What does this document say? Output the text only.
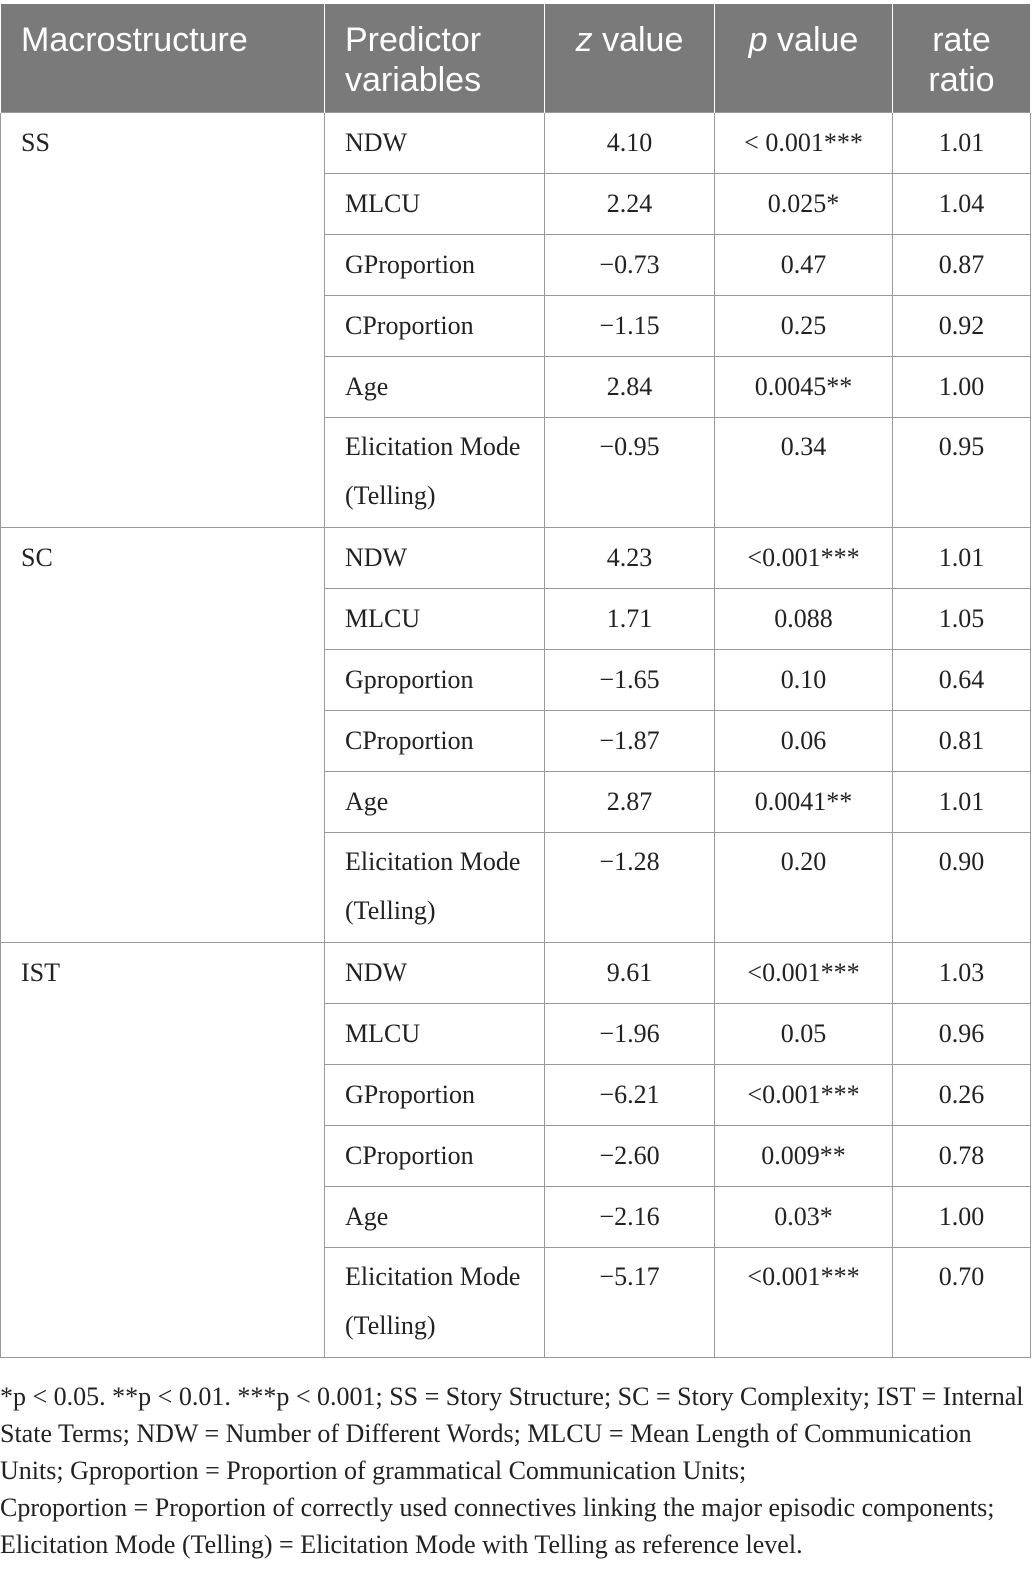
Macrostructure	Predictor variables	z value	p value	rate ratio
SS	NDW	4.10	< 0.001***	1.01
	MLCU	2.24	0.025*	1.04
	GProportion	−0.73	0.47	0.87
	CProportion	−1.15	0.25	0.92
	Age	2.84	0.0045**	1.00
	Elicitation Mode (Telling)	−0.95	0.34	0.95
SC	NDW	4.23	<0.001***	1.01
	MLCU	1.71	0.088	1.05
	Gproportion	−1.65	0.10	0.64
	CProportion	−1.87	0.06	0.81
	Age	2.87	0.0041**	1.01
	Elicitation Mode (Telling)	−1.28	0.20	0.90
IST	NDW	9.61	<0.001***	1.03
	MLCU	−1.96	0.05	0.96
	GProportion	−6.21	<0.001***	0.26
	CProportion	−2.60	0.009**	0.78
	Age	−2.16	0.03*	1.00
	Elicitation Mode (Telling)	−5.17	<0.001***	0.70
*p < 0.05. **p < 0.01. ***p < 0.001; SS = Story Structure; SC = Story Complexity; IST = Internal
State Terms; NDW = Number of Different Words; MLCU = Mean Length of Communication
Units; Gproportion = Proportion of grammatical Communication Units;
Cproportion = Proportion of correctly used connectives linking the major episodic components;
Elicitation Mode (Telling) = Elicitation Mode with Telling as reference level.
